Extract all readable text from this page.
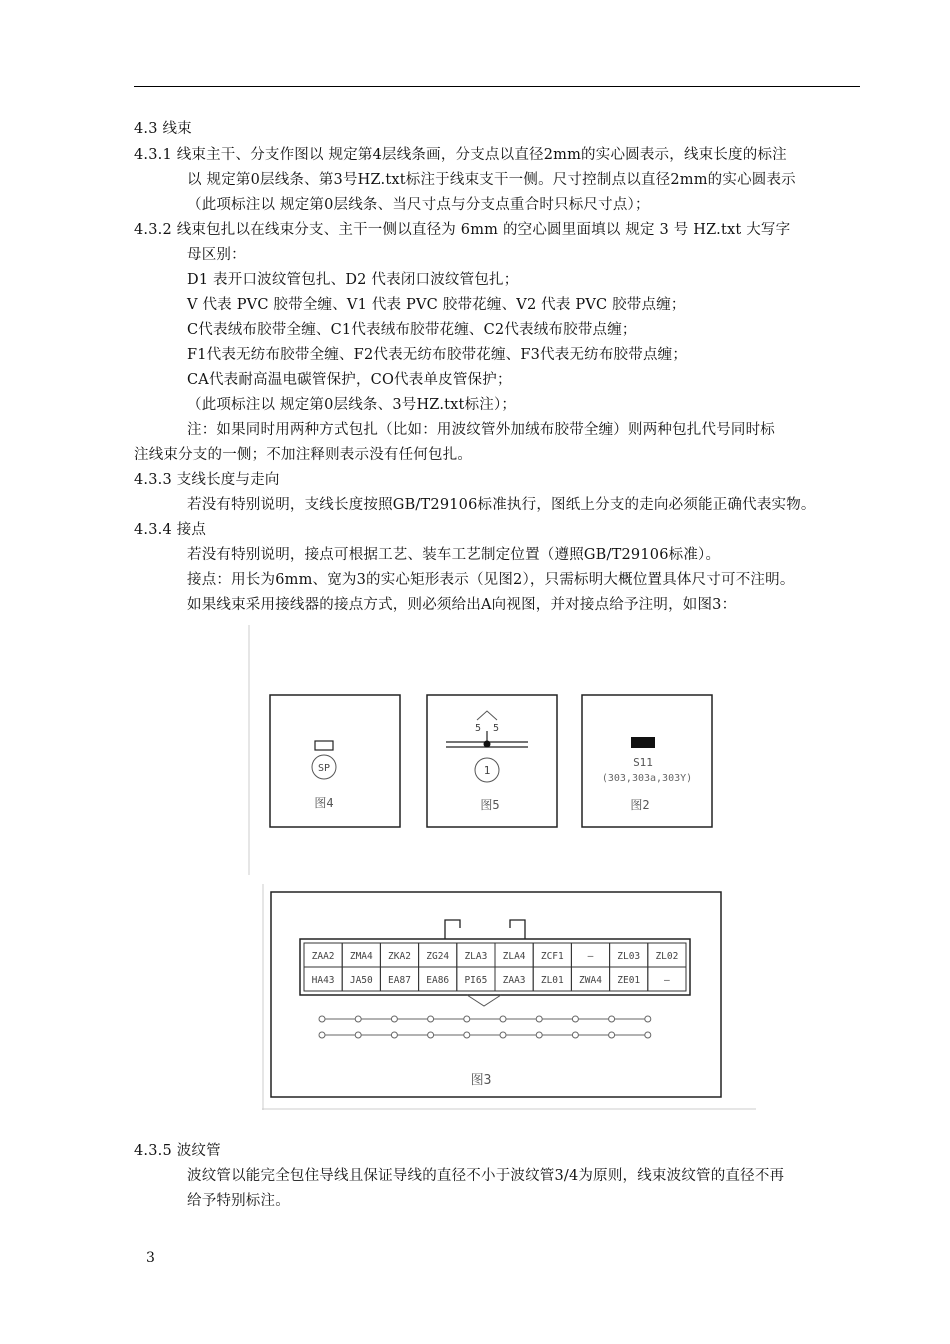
4.3 线束
4.3.1 线束主干、分支作图以 规定第4层线条画，分支点以直径2mm的实心圆表示，线束长度的标注
以 规定第0层线条、第3号HZ.txt标注于线束支干一侧。尺寸控制点以直径2mm的实心圆表示
（此项标注以 规定第0层线条、当尺寸点与分支点重合时只标尺寸点）；
4.3.2 线束包扎以在线束分支、主干一侧以直径为 6mm 的空心圆里面填以 规定 3 号 HZ.txt 大写字
母区别：
D1 表开口波纹管包扎、D2 代表闭口波纹管包扎；
V 代表 PVC 胶带全缠、V1 代表 PVC 胶带花缠、V2 代表 PVC 胶带点缠；
C代表绒布胶带全缠、C1代表绒布胶带花缠、C2代表绒布胶带点缠；
F1代表无纺布胶带全缠、F2代表无纺布胶带花缠、F3代表无纺布胶带点缠；
CA代表耐高温电碳管保护，CO代表单皮管保护；
（此项标注以 规定第0层线条、3号HZ.txt标注）；
注：如果同时用两种方式包扎（比如：用波纹管外加绒布胶带全缠）则两种包扎代号同时标
注线束分支的一侧；不加注释则表示没有任何包扎。
4.3.3 支线长度与走向
若没有特别说明，支线长度按照GB/T29106标准执行，图纸上分支的走向必须能正确代表实物。
4.3.4 接点
若没有特别说明，接点可根据工艺、装车工艺制定位置（遵照GB/T29106标准）。
接点：用长为6mm、宽为3的实心矩形表示（见图2），只需标明大概位置具体尺寸可不注明。
如果线束采用接线器的接点方式，则必须给出A向视图，并对接点给予注明，如图3：
SP
图4
5 5
1
图5
S11
(303,303a,303Y)
图2
ZAA2 ZMA4 ZKA2 ZG24 ZLA3 ZLA4 ZCF1	—	ZL03 ZL02
HA43 JA50 EA87 EA86 PI65 ZAA3 ZL01 ZWA4 ZE01	—
图3
4.3.5 波纹管
波纹管以能完全包住导线且保证导线的直径不小于波纹管3/4为原则，线束波纹管的直径不再
给予特别标注。
3
